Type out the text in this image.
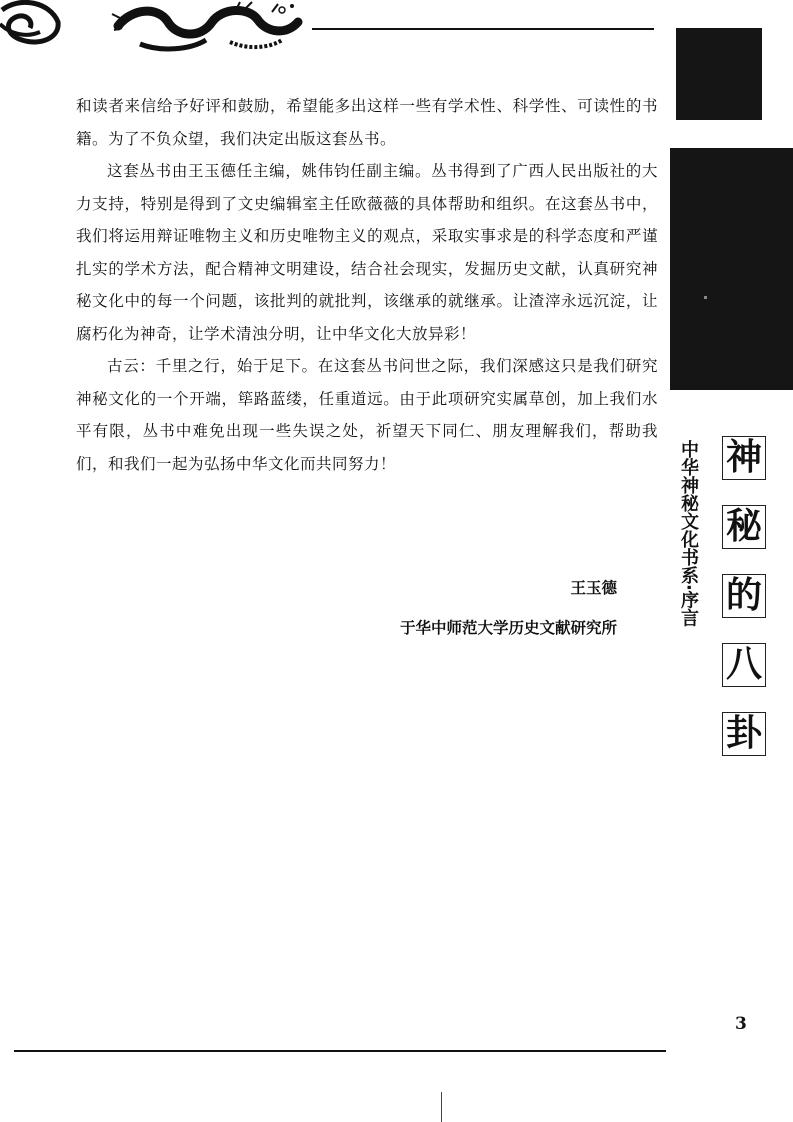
和读者来信给予好评和鼓励，希望能多出这样一些有学术性、科学性、可读性的书籍。为了不负众望，我们决定出版这套丛书。

这套丛书由王玉德任主编，姚伟钧任副主编。丛书得到了广西人民出版社的大力支持，特别是得到了文史编辑室主任欧薇薇的具体帮助和组织。在这套丛书中，我们将运用辩证唯物主义和历史唯物主义的观点，采取实事求是的科学态度和严谨扎实的学术方法，配合精神文明建设，结合社会现实，发掘历史文献，认真研究神秘文化中的每一个问题，该批判的就批判，该继承的就继承。让渣滓永远沉淀，让腐朽化为神奇，让学术清浊分明，让中华文化大放异彩！

古云：千里之行，始于足下。在这套丛书问世之际，我们深感这只是我们研究神秘文化的一个开端，筚路蓝缕，任重道远。由于此项研究实属草创，加上我们水平有限，丛书中难免出现一些失误之处，祈望天下同仁、朋友理解我们，帮助我们，和我们一起为弘扬中华文化而共同努力！

王玉德
于华中师范大学历史文献研究所
中华神秘文化书系·序言 神
秘
的
八
卦
3
